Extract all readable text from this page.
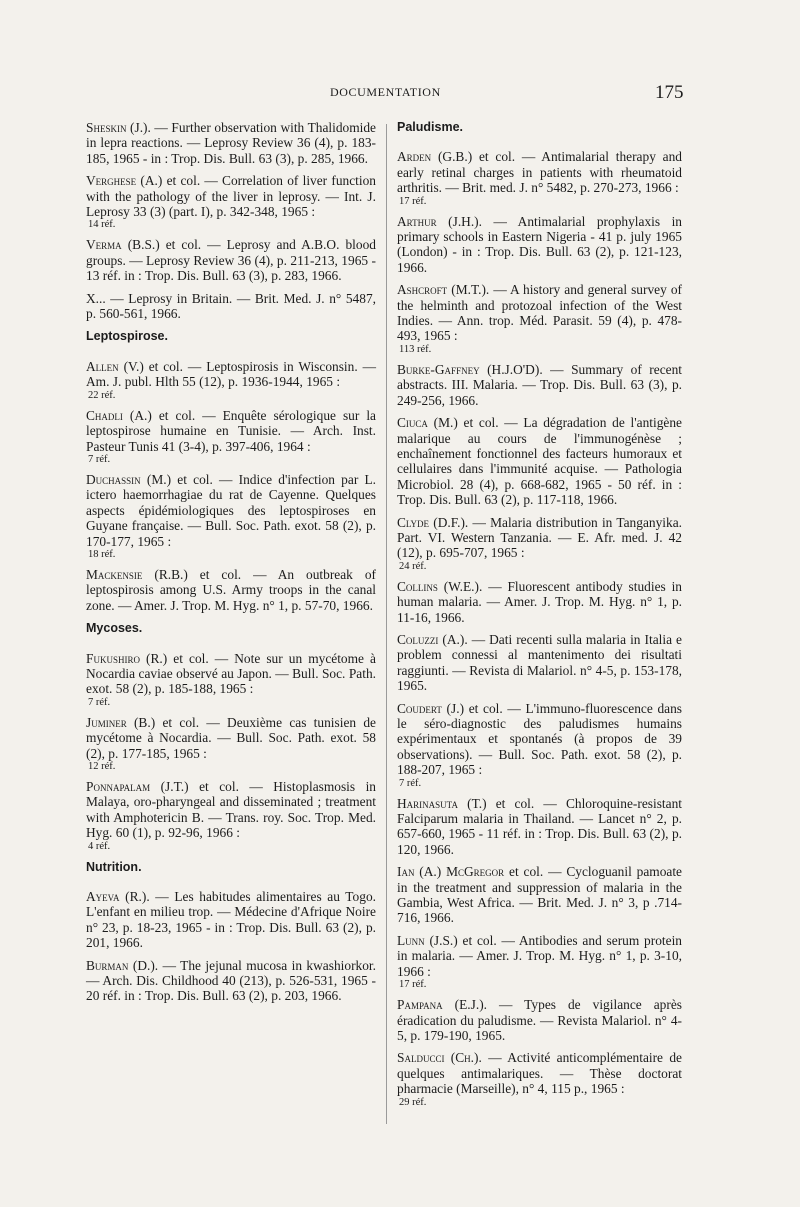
DOCUMENTATION	175
Sheskin (J.). — Further observation with Thalidomide in lepra reactions. — Leprosy Review 36 (4), p. 183-185, 1965 - in : Trop. Dis. Bull. 63 (3), p. 285, 1966.
Verghese (A.) et col. — Correlation of liver function with the pathology of the liver in leprosy. — Int. J. Leprosy 33 (3) (part. I), p. 342-348, 1965 :
14 réf.
Verma (B.S.) et col. — Leprosy and A.B.O. blood groups. — Leprosy Review 36 (4), p. 211-213, 1965 - 13 réf. in : Trop. Dis. Bull. 63 (3), p. 283, 1966.
X... — Leprosy in Britain. — Brit. Med. J. n° 5487, p. 560-561, 1966.
Leptospirose.
Allen (V.) et col. — Leptospirosis in Wisconsin. — Am. J. publ. Hlth 55 (12), p. 1936-1944, 1965 :
22 réf.
Chadli (A.) et col. — Enquête sérologique sur la leptospirose humaine en Tunisie. — Arch. Inst. Pasteur Tunis 41 (3-4), p. 397-406, 1964 :
7 réf.
Duchassin (M.) et col. — Indice d'infection par L. ictero haemorrhagiae du rat de Cayenne. Quelques aspects épidémiologiques des leptospiroses en Guyane française. — Bull. Soc. Path. exot. 58 (2), p. 170-177, 1965 :
18 réf.
Mackensie (R.B.) et col. — An outbreak of leptospirosis among U.S. Army troops in the canal zone. — Amer. J. Trop. M. Hyg. n° 1, p. 57-70, 1966.
Mycoses.
Fukushiro (R.) et col. — Note sur un mycétome à Nocardia caviae observé au Japon. — Bull. Soc. Path. exot. 58 (2), p. 185-188, 1965 :
7 réf.
Juminer (B.) et col. — Deuxième cas tunisien de mycétome à Nocardia. — Bull. Soc. Path. exot. 58 (2), p. 177-185, 1965 :
12 réf.
Ponnapalam (J.T.) et col. — Histoplasmosis in Malaya, oro-pharyngeal and disseminated ; treatment with Amphotericin B. — Trans. roy. Soc. Trop. Med. Hyg. 60 (1), p. 92-96, 1966 :
4 réf.
Nutrition.
Ayeva (R.). — Les habitudes alimentaires au Togo. L'enfant en milieu trop. — Médecine d'Afrique Noire n° 23, p. 18-23, 1965 - in : Trop. Dis. Bull. 63 (2), p. 201, 1966.
Burman (D.). — The jejunal mucosa in kwashiorkor. — Arch. Dis. Childhood 40 (213), p. 526-531, 1965 - 20 réf. in : Trop. Dis. Bull. 63 (2), p. 203, 1966.
Paludisme.
Arden (G.B.) et col. — Antimalarial therapy and early retinal charges in patients with rheumatoid arthritis. — Brit. med. J. n° 5482, p. 270-273, 1966 :
17 réf.
Arthur (J.H.). — Antimalarial prophylaxis in primary schools in Eastern Nigeria - 41 p. july 1965 (London) - in : Trop. Dis. Bull. 63 (2), p. 121-123, 1966.
Ashcroft (M.T.). — A history and general survey of the helminth and protozoal infection of the West Indies. — Ann. trop. Méd. Parasit. 59 (4), p. 478-493, 1965 :
113 réf.
Burke-Gaffney (H.J.O'D). — Summary of recent abstracts. III. Malaria. — Trop. Dis. Bull. 63 (3), p. 249-256, 1966.
Ciuca (M.) et col. — La dégradation de l'antigène malarique au cours de l'immunogénèse ; enchaînement fonctionnel des facteurs humoraux et cellulaires dans l'immunité acquise. — Pathologia Microbiol. 28 (4), p. 668-682, 1965 - 50 réf. in : Trop. Dis. Bull. 63 (2), p. 117-118, 1966.
Clyde (D.F.). — Malaria distribution in Tanganyika. Part. VI. Western Tanzania. — E. Afr. med. J. 42 (12), p. 695-707, 1965 :
24 réf.
Collins (W.E.). — Fluorescent antibody studies in human malaria. — Amer. J. Trop. M. Hyg. n° 1, p. 11-16, 1966.
Coluzzi (A.). — Dati recenti sulla malaria in Italia e problem connessi al mantenimento dei risultati raggiunti. — Revista di Malariol. n° 4-5, p. 153-178, 1965.
Coudert (J.) et col. — L'immuno-fluorescence dans le séro-diagnostic des paludismes humains expérimentaux et spontanés (à propos de 39 observations). — Bull. Soc. Path. exot. 58 (2), p. 188-207, 1965 :
7 réf.
Harinasuta (T.) et col. — Chloroquine-resistant Falciparum malaria in Thailand. — Lancet n° 2, p. 657-660, 1965 - 11 réf. in : Trop. Dis. Bull. 63 (2), p. 120, 1966.
Ian (A.) McGregor et col. — Cycloguanil pamoate in the treatment and suppression of malaria in the Gambia, West Africa. — Brit. Med. J. n° 3, p .714-716, 1966.
Lunn (J.S.) et col. — Antibodies and serum protein in malaria. — Amer. J. Trop. M. Hyg. n° 1, p. 3-10, 1966 :
17 réf.
Pampana (E.J.). — Types de vigilance après éradication du paludisme. — Revista Malariol. n° 4-5, p. 179-190, 1965.
Salducci (Ch.). — Activité anticomplémentaire de quelques antimalariques. — Thèse doctorat pharmacie (Marseille), n° 4, 115 p., 1965 :
29 réf.
